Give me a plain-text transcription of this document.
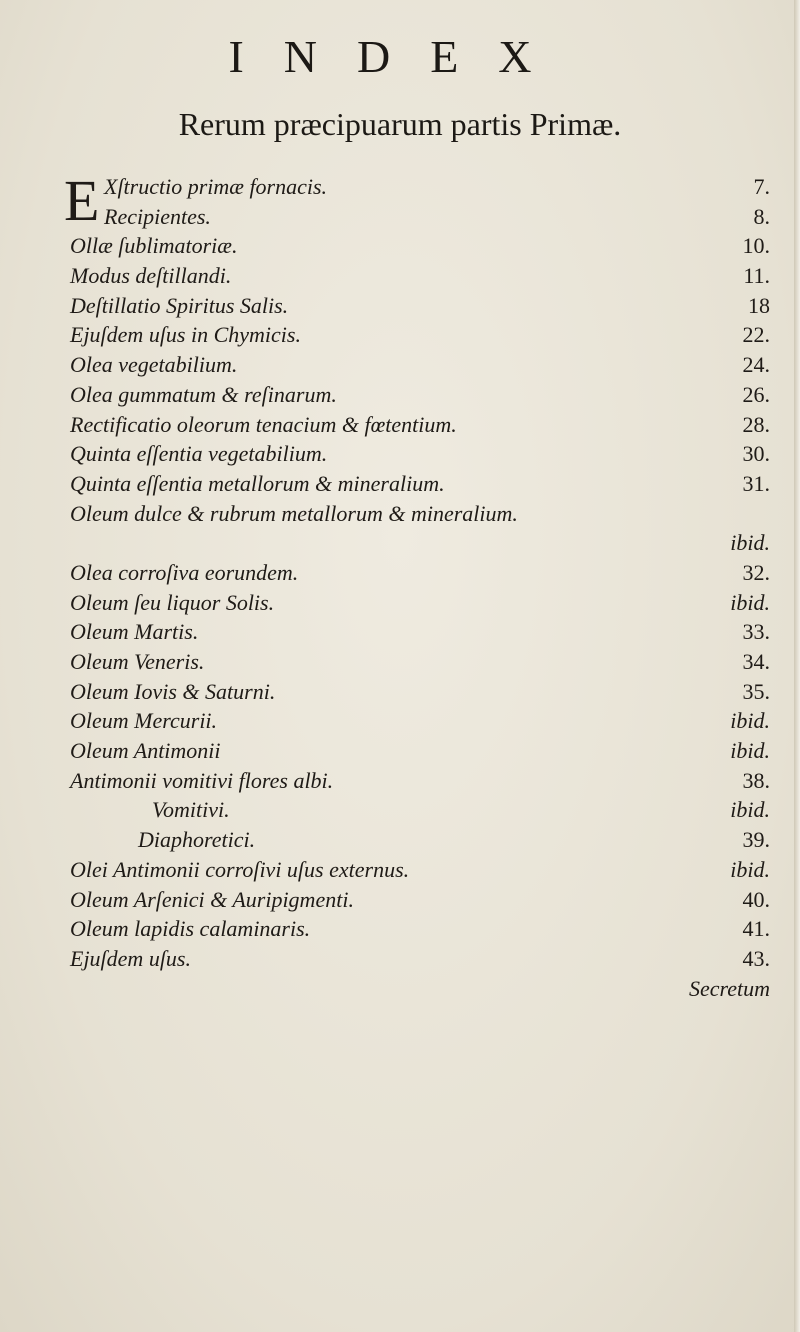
INDEX
Rerum præcipuarum partis Primæ.
E Xſtructio primæ fornacis.	7.
Recipientes.	8.
Ollæ ſublimatoriæ.	10.
Modus deſtillandi.	11.
Deſtillatio Spiritus Salis.	18
Ejuſdem uſus in Chymicis.	22.
Olea vegetabilium.	24.
Olea gummatum & reſinarum.	26.
Rectificatio oleorum tenacium & fœtentium.	28.
Quinta eſſentia vegetabilium.	30.
Quinta eſſentia metallorum & mineralium.	31.
Oleum dulce & rubrum metallorum & mineralium.
ibid.
Olea corroſiva eorundem.	32.
Oleum ſeu liquor Solis.	ibid.
Oleum Martis.	33.
Oleum Veneris.	34.
Oleum Iovis & Saturni.	35.
Oleum Mercurii.	ibid.
Oleum Antimonii	ibid.
Antimonii vomitivi flores albi.	38.
Vomitivi.	ibid.
Diaphoretici.	39.
Olei Antimonii corroſivi uſus externus.	ibid.
Oleum Arſenici & Auripigmenti.	40.
Oleum lapidis calaminaris.	41.
Ejuſdem uſus.	43.
Secretum
